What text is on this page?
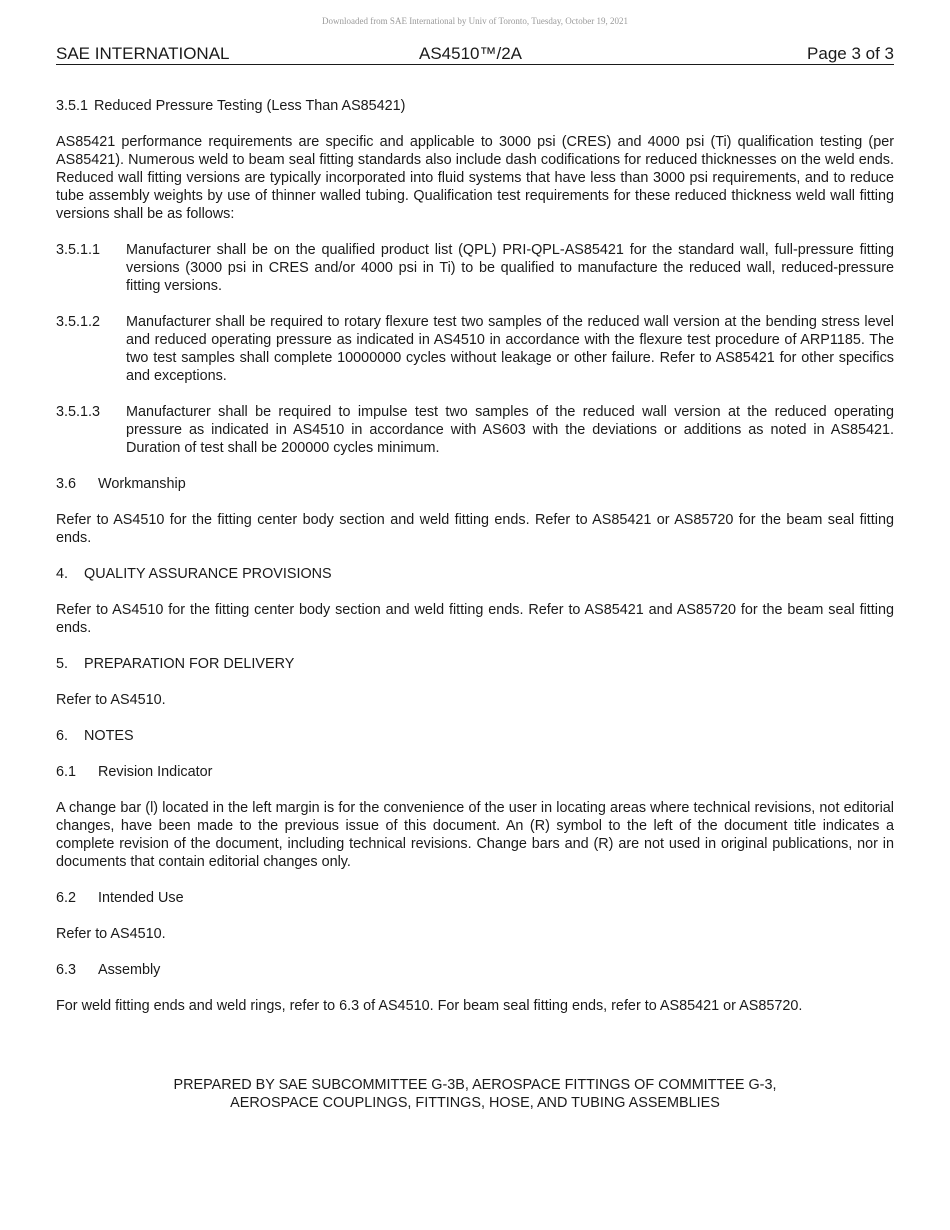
Downloaded from SAE International by Univ of Toronto, Tuesday, October 19, 2021
SAE INTERNATIONAL	AS4510™/2A	Page 3 of 3

3.5.1 Reduced Pressure Testing (Less Than AS85421)

AS85421 performance requirements are specific and applicable to 3000 psi (CRES) and 4000 psi (Ti) qualification testing (per AS85421). Numerous weld to beam seal fitting standards also include dash codifications for reduced thicknesses on the weld ends. Reduced wall fitting versions are typically incorporated into fluid systems that have less than 3000 psi requirements, and to reduce tube assembly weights by use of thinner walled tubing. Qualification test requirements for these reduced thickness weld wall fitting versions shall be as follows:

3.5.1.1	Manufacturer shall be on the qualified product list (QPL) PRI-QPL-AS85421 for the standard wall, full-pressure fitting versions (3000 psi in CRES and/or 4000 psi in Ti) to be qualified to manufacture the reduced wall, reduced-pressure fitting versions.
3.5.1.2	Manufacturer shall be required to rotary flexure test two samples of the reduced wall version at the bending stress level and reduced operating pressure as indicated in AS4510 in accordance with the flexure test procedure of ARP1185. The two test samples shall complete 10000000 cycles without leakage or other failure. Refer to AS85421 for other specifics and exceptions.
3.5.1.3	Manufacturer shall be required to impulse test two samples of the reduced wall version at the reduced operating pressure as indicated in AS4510 in accordance with AS603 with the deviations or additions as noted in AS85421. Duration of test shall be 200000 cycles minimum.

3.6	Workmanship

Refer to AS4510 for the fitting center body section and weld fitting ends. Refer to AS85421 or AS85720 for the beam seal fitting ends.

4.	QUALITY ASSURANCE PROVISIONS

Refer to AS4510 for the fitting center body section and weld fitting ends. Refer to AS85421 and AS85720 for the beam seal fitting ends.

5.	PREPARATION FOR DELIVERY

Refer to AS4510.

6.	NOTES

6.1	Revision Indicator

A change bar (l) located in the left margin is for the convenience of the user in locating areas where technical revisions, not editorial changes, have been made to the previous issue of this document. An (R) symbol to the left of the document title indicates a complete revision of the document, including technical revisions. Change bars and (R) are not used in original publications, nor in documents that contain editorial changes only.

6.2	Intended Use

Refer to AS4510.

6.3	Assembly

For weld fitting ends and weld rings, refer to 6.3 of AS4510. For beam seal fitting ends, refer to AS85421 or AS85720.

PREPARED BY SAE SUBCOMMITTEE G-3B, AEROSPACE FITTINGS OF COMMITTEE G-3,
AEROSPACE COUPLINGS, FITTINGS, HOSE, AND TUBING ASSEMBLIES
